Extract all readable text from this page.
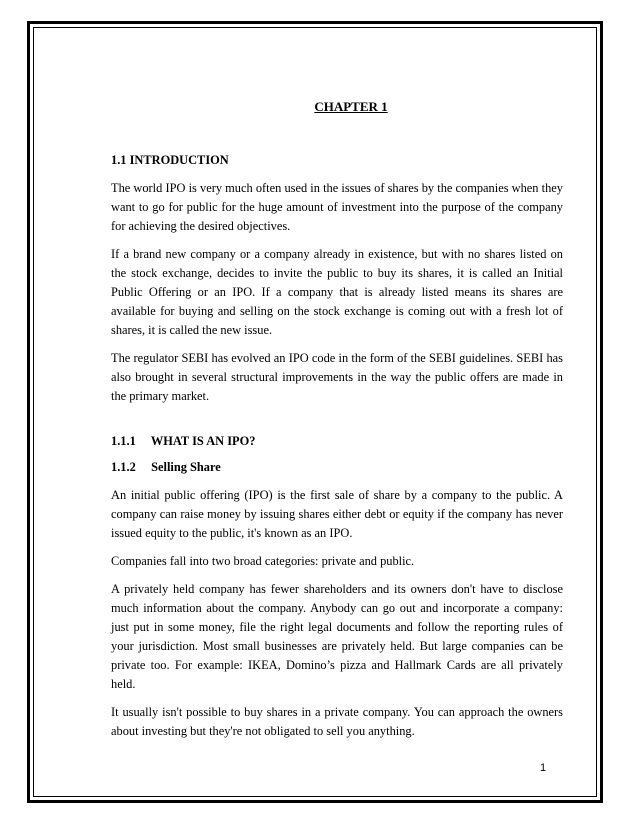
CHAPTER 1
1.1 INTRODUCTION

The world IPO is very much often used in the issues of shares by the companies when they want to go for public for the huge amount of investment into the purpose of the company for achieving the desired objectives.

If a brand new company or a company already in existence, but with no shares listed on the stock exchange, decides to invite the public to buy its shares, it is called an Initial Public Offering or an IPO. If a company that is already listed means its shares are available for buying and selling on the stock exchange is coming out with a fresh lot of shares, it is called the new issue.

The regulator SEBI has evolved an IPO code in the form of the SEBI guidelines. SEBI has also brought in several structural improvements in the way the public offers are made in the primary market.

1.1.1 WHAT IS AN IPO?
1.1.2 Selling Share

An initial public offering (IPO) is the first sale of share by a company to the public. A company can raise money by issuing shares either debt or equity if the company has never issued equity to the public, it's known as an IPO.

Companies fall into two broad categories: private and public.

A privately held company has fewer shareholders and its owners don't have to disclose much information about the company. Anybody can go out and incorporate a company: just put in some money, file the right legal documents and follow the reporting rules of your jurisdiction. Most small businesses are privately held. But large companies can be private too. For example: IKEA, Domino’s pizza and Hallmark Cards are all privately held.

It usually isn't possible to buy shares in a private company. You can approach the owners about investing but they're not obligated to sell you anything.

1
